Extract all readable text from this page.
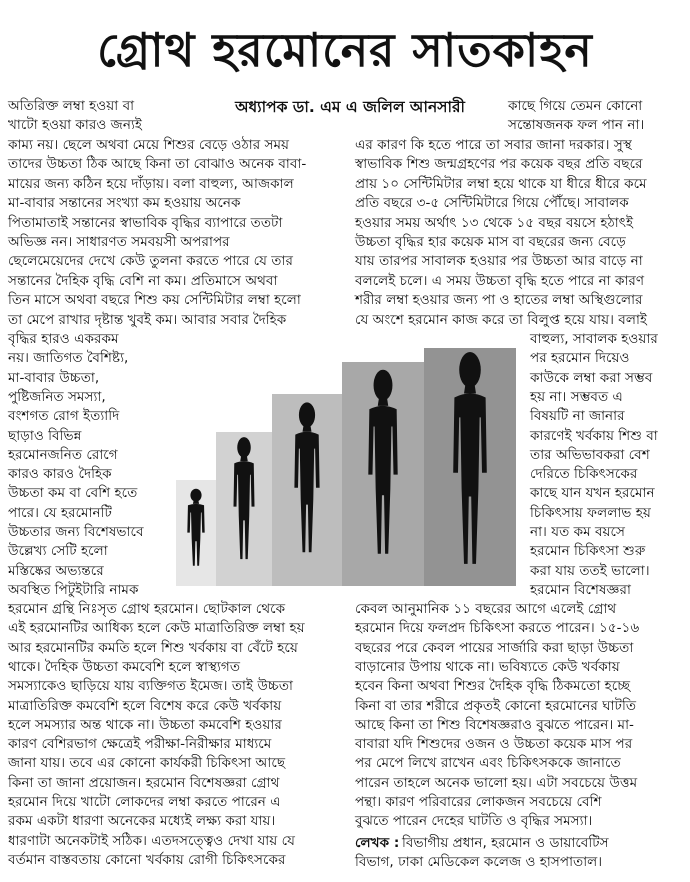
গ্রোথ হরমোনের সাতকাহন
অধ্যাপক ডা. এম এ জলিল আনসারী
অতিরিক্ত লম্বা হওয়া বা
খাটো হওয়া কারও জন্যই
কাছে গিয়ে তেমন কোনো
সন্তোষজনক ফল পান না।
কাম্য নয়। ছেলে অথবা মেয়ে শিশুর বেড়ে ওঠার সময়
তাদের উচ্চতা ঠিক আছে কিনা তা বোঝাও অনেক বাবা-
মায়ের জন্য কঠিন হয়ে দাঁড়ায়। বলা বাহুল্য, আজকাল
মা-বাবার সন্তানের সংখ্যা কম হওয়ায় অনেক
পিতামাতাই সন্তানের স্বাভাবিক বৃদ্ধির ব্যাপারে ততটা
অভিজ্ঞ নন। সাধারণত সমবয়সী অপরাপর
ছেলেমেয়েদের দেখে কেউ তুলনা করতে পারে যে তার
সন্তানের দৈহিক বৃদ্ধি বেশি না কম। প্রতিমাসে অথবা
তিন মাসে অথবা বছরে শিশু কয় সেন্টিমিটার লম্বা হলো
তা মেপে রাখার দৃষ্টান্ত খুবই কম। আবার সবার দৈহিক
এর কারণ কি হতে পারে তা সবার জানা দরকার। সুস্থ
স্বাভাবিক শিশু জন্মগ্রহণের পর কয়েক বছর প্রতি বছরে
প্রায় ১০ সেন্টিমিটার লম্বা হয়ে থাকে যা ধীরে ধীরে কমে
প্রতি বছরে ৩-৫ সেন্টিমিটারে গিয়ে পৌঁছে। সাবালক
হওয়ার সময় অর্থাৎ ১৩ থেকে ১৫ বছর বয়সে হঠাৎই
উচ্চতা বৃদ্ধির হার কয়েক মাস বা বছরের জন্য বেড়ে
যায় তারপর সাবালক হওয়ার পর উচ্চতা আর বাড়ে না
বললেই চলে। এ সময় উচ্চতা বৃদ্ধি হতে পারে না কারণ
শরীর লম্বা হওয়ার জন্য পা ও হাতের লম্বা অস্থিগুলোর
যে অংশে হরমোন কাজ করে তা বিলুপ্ত হয়ে যায়। বলাই
বৃদ্ধির হারও একরকম
নয়। জাতিগত বৈশিষ্ট্য,
মা-বাবার উচ্চতা,
পুষ্টিজনিত সমস্যা,
বংশগত রোগ ইত্যাদি
ছাড়াও বিভিন্ন
হরমোনজনিত রোগে
কারও কারও দৈহিক
উচ্চতা কম বা বেশি হতে
পারে। যে হরমোনটি
উচ্চতার জন্য বিশেষভাবে
উল্লেখ্য সেটি হলো
মস্তিষ্কের অভ্যন্তরে
অবস্থিত পিটুইটারি নামক
বাহুল্য, সাবালক হওয়ার
পর হরমোন দিয়েও
কাউকে লম্বা করা সম্ভব
হয় না। সম্ভবত এ
বিষয়টি না জানার
কারণেই খর্বকায় শিশু বা
তার অভিভাবকরা বেশ
দেরিতে চিকিৎসকের
কাছে যান যখন হরমোন
চিকিৎসায় ফললাভ হয়
না। যত কম বয়সে
হরমোন চিকিৎসা শুরু
করা যায় ততই ভালো।
হরমোন বিশেষজ্ঞরা
হরমোন গ্রন্থি নিঃসৃত গ্রোথ হরমোন। ছোটকাল থেকে
এই হরমোনটির আধিক্য হলে কেউ মাত্রাতিরিক্ত লম্বা হয়
আর হরমোনটির কমতি হলে শিশু খর্বকায় বা বেঁটে হয়ে
থাকে। দৈহিক উচ্চতা কমবেশি হলে স্বাস্থ্যগত
সমস্যাকেও ছাড়িয়ে যায় ব্যক্তিগত ইমেজ। তাই উচ্চতা
মাত্রাতিরিক্ত কমবেশি হলে বিশেষ করে কেউ খর্বকায়
হলে সমস্যার অন্ত থাকে না। উচ্চতা কমবেশি হওয়ার
কারণ বেশিরভাগ ক্ষেত্রেই পরীক্ষা-নিরীক্ষার মাধ্যমে
জানা যায়। তবে এর কোনো কার্যকরী চিকিৎসা আছে
কিনা তা জানা প্রয়োজন। হরমোন বিশেষজ্ঞরা গ্রোথ
হরমোন দিয়ে খাটো লোকদের লম্বা করতে পারেন এ
রকম একটা ধারণা অনেকের মধ্যেই লক্ষ্য করা যায়।
ধারণাটা অনেকটাই সঠিক। এতদসত্ত্বেও দেখা যায় যে
বর্তমান বাস্তবতায় কোনো খর্বকায় রোগী চিকিৎসকের
কেবল আনুমানিক ১১ বছরের আগে এলেই গ্রোথ
হরমোন দিয়ে ফলপ্রদ চিকিৎসা করতে পারেন। ১৫-১৬
বছরের পরে কেবল পায়ের সার্জারি করা ছাড়া উচ্চতা
বাড়ানোর উপায় থাকে না। ভবিষ্যতে কেউ খর্বকায়
হবেন কিনা অথবা শিশুর দৈহিক বৃদ্ধি ঠিকমতো হচ্ছে
কিনা বা তার শরীরে প্রকৃতই কোনো হরমোনের ঘাটতি
আছে কিনা তা শিশু বিশেষজ্ঞরাও বুঝতে পারেন। মা-
বাবারা যদি শিশুদের ওজন ও উচ্চতা কয়েক মাস পর
পর মেপে লিখে রাখেন এবং চিকিৎসককে জানাতে
পারেন তাহলে অনেক ভালো হয়। এটা সবচেয়ে উত্তম
পন্থা। কারণ পরিবারের লোকজন সবচেয়ে বেশি
বুঝতে পারেন দেহের ঘাটতি ও বৃদ্ধির সমস্যা।
লেখক : বিভাগীয় প্রধান, হরমোন ও ডায়াবেটিস
বিভাগ, ঢাকা মেডিকেল কলেজ ও হাসপাতাল।
